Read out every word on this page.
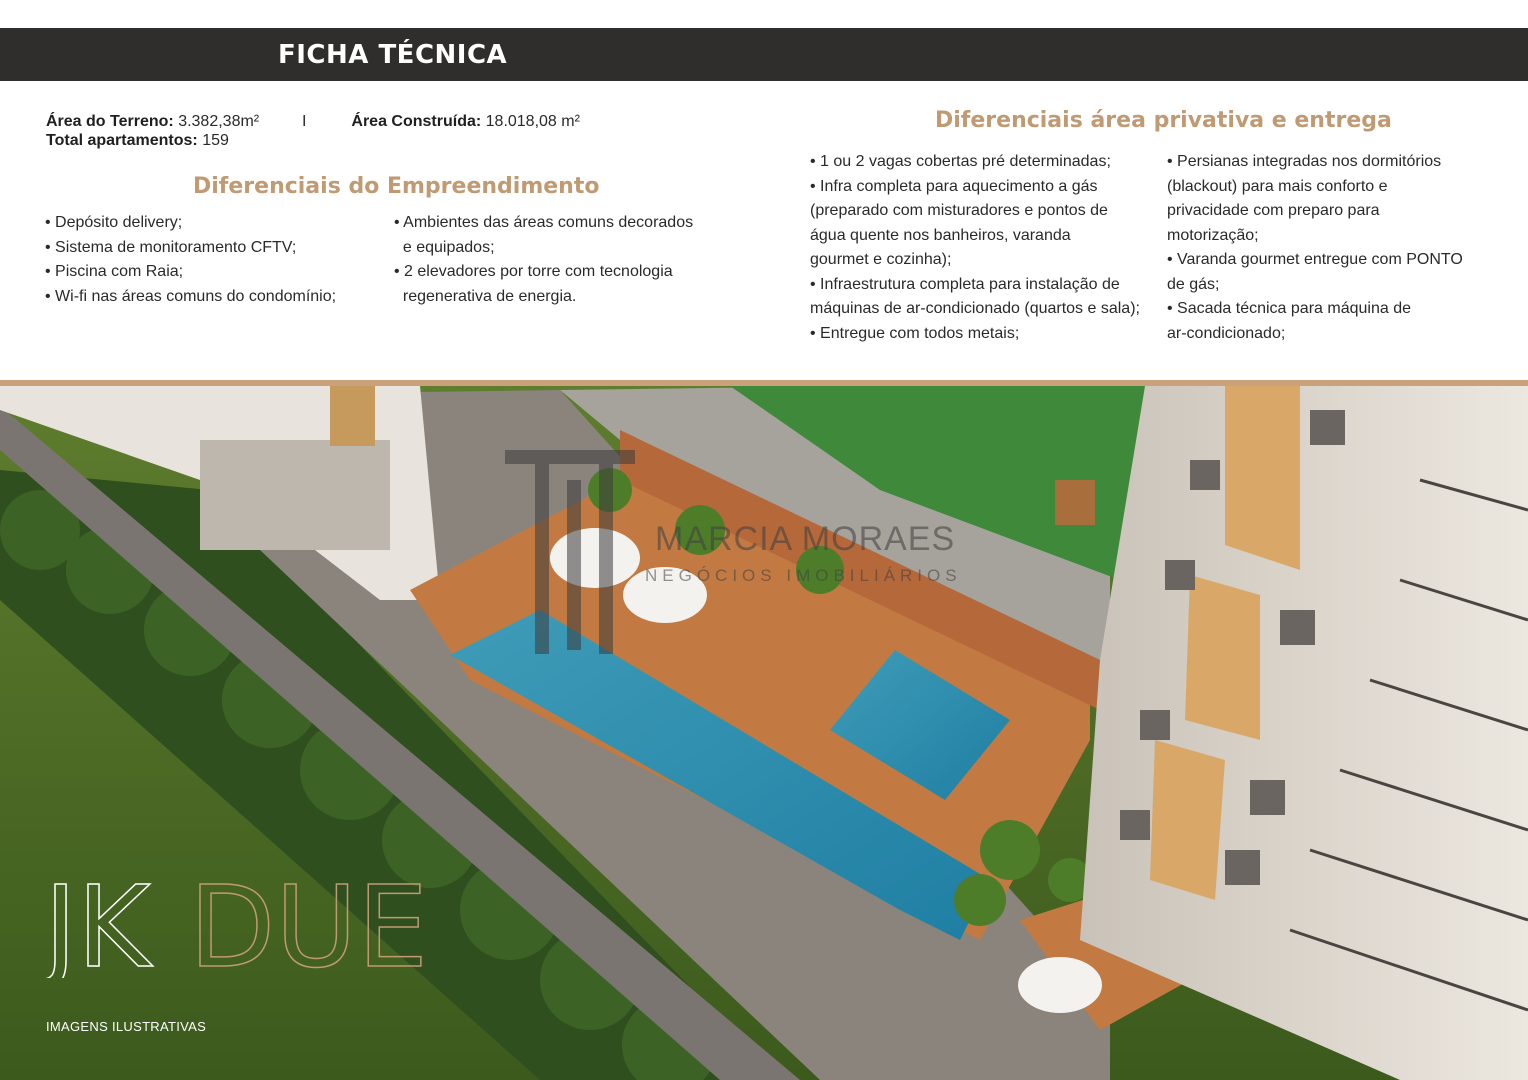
FICHA TÉCNICA
Área do Terreno: 3.382,38m²	I	Área Construída: 18.018,08 m²
Total apartamentos: 159
Diferenciais do Empreendimento
• Depósito delivery;
• Sistema de monitoramento CFTV;
• Piscina com Raia;
• Wi-fi nas áreas comuns do condomínio;
• Ambientes das áreas comuns decorados
e equipados;
• 2 elevadores por torre com tecnologia
regenerativa de energia.
Diferenciais área privativa e entrega
• 1 ou 2 vagas cobertas pré determinadas;
• Infra completa para aquecimento a gás
(preparado com misturadores e pontos de
água quente nos banheiros, varanda
gourmet e cozinha);
• Infraestrutura completa para instalação de
máquinas de ar-condicionado (quartos e sala);
• Entregue com todos metais;
• Persianas integradas nos dormitórios
(blackout) para mais conforto e
privacidade com preparo para
motorização;
• Varanda gourmet entregue com PONTO
de gás;
• Sacada técnica para máquina de
ar-condicionado;
MARCIA MORAES
NEGÓCIOS IMOBILIÁRIOS
JK DUE
IMAGENS ILUSTRATIVAS
